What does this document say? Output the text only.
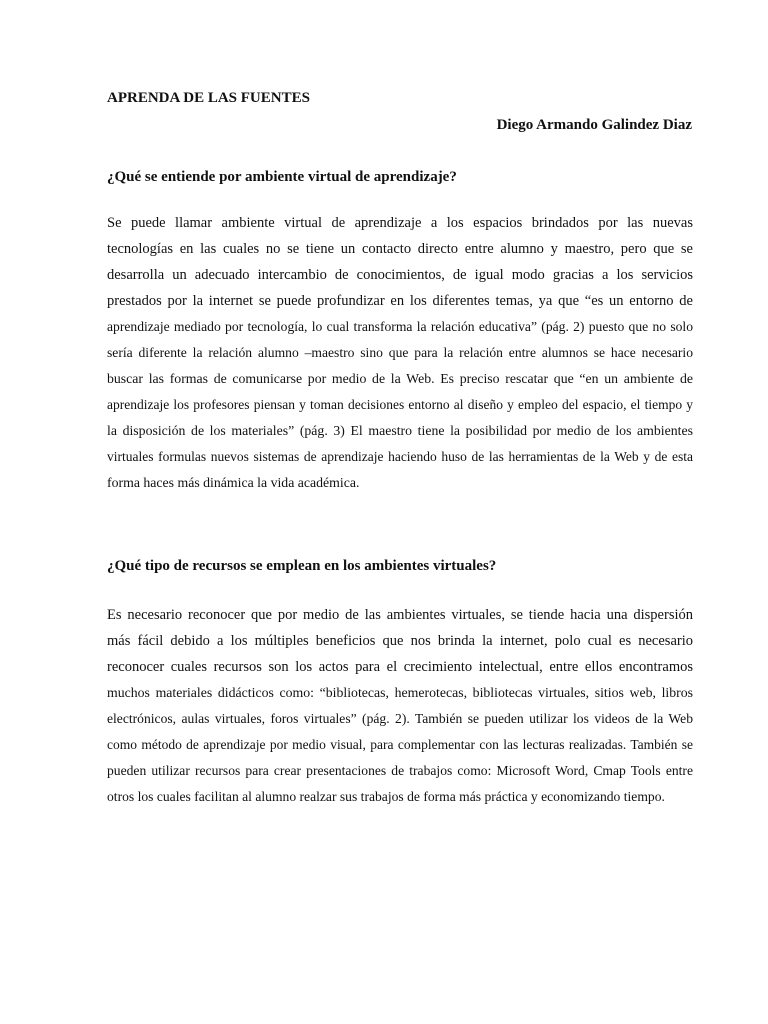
APRENDA DE LAS FUENTES
Diego Armando Galindez Diaz
¿Qué se entiende por ambiente virtual de aprendizaje?
Se puede llamar ambiente virtual de aprendizaje a los espacios brindados por las nuevas
tecnologías en las cuales no se tiene un contacto directo entre alumno y maestro, pero que se
desarrolla un adecuado intercambio de conocimientos, de igual modo gracias a los servicios
prestados por la internet se puede profundizar en los diferentes temas, ya que “es un entorno de
aprendizaje mediado por tecnología, lo cual transforma la relación educativa” (pág. 2) puesto que no solo
sería diferente la relación alumno –maestro sino que para la relación entre alumnos se hace necesario
buscar las formas de comunicarse por medio de la Web. Es preciso rescatar que “en un ambiente de
aprendizaje los profesores piensan y toman decisiones entorno al diseño y empleo del espacio, el tiempo y
la disposición de los materiales” (pág. 3) El maestro tiene la posibilidad por medio de los ambientes
virtuales formulas nuevos sistemas de aprendizaje haciendo huso de las herramientas de la Web y de esta
forma haces más dinámica la vida académica.
¿Qué tipo de recursos se emplean en los ambientes virtuales?
Es necesario reconocer que por medio de las ambientes virtuales, se tiende hacia una dispersión
más fácil debido a los múltiples beneficios que nos brinda la internet, polo cual es necesario
reconocer cuales recursos son los actos para el crecimiento intelectual, entre ellos encontramos
muchos materiales didácticos como: “bibliotecas, hemerotecas, bibliotecas virtuales, sitios web, libros
electrónicos, aulas virtuales, foros virtuales” (pág. 2). También se pueden utilizar los videos de la Web
como método de aprendizaje por medio visual, para complementar con las lecturas realizadas. También se
pueden utilizar recursos para crear presentaciones de trabajos como: Microsoft Word, Cmap Tools entre
otros los cuales facilitan al alumno realzar sus trabajos de forma más práctica y economizando tiempo.
